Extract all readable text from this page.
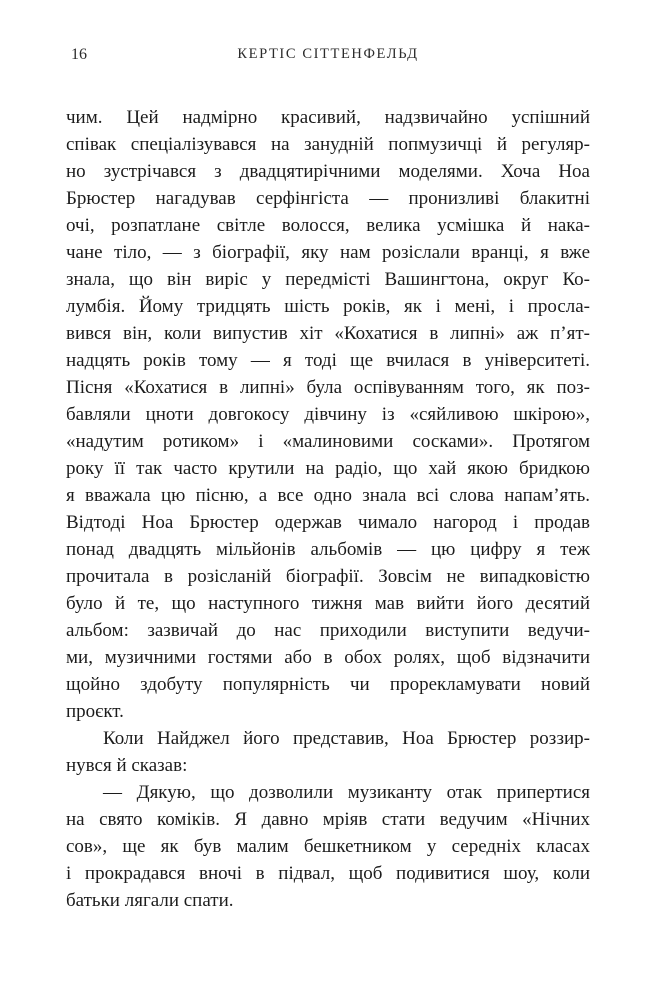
16	КЕРТІС СІТТЕНФЕЛЬД
чим. Цей надмірно красивий, надзвичайно успішний
співак спеціалізувався на занудній попмузичці й регуляр-
но зустрічався з двадцятирічними моделями. Хоча Ноа
Брюстер нагадував серфінгіста — пронизливі блакитні
очі, розпатлане світле волосся, велика усмішка й нака-
чане тіло, — з біографії, яку нам розіслали вранці, я вже
знала, що він виріс у передмісті Вашингтона, округ Ко-
лумбія. Йому тридцять шість років, як і мені, і просла-
вився він, коли випустив хіт «Кохатися в липні» аж п’ят-
надцять років тому — я тоді ще вчилася в університеті.
Пісня «Кохатися в липні» була оспівуванням того, як поз-
бавляли цноти довгокосу дівчину із «сяйливою шкірою»,
«надутим ротиком» і «малиновими сосками». Протягом
року її так часто крутили на радіо, що хай якою бридкою
я вважала цю пісню, а все одно знала всі слова напам’ять.
Відтоді Ноа Брюстер одержав чимало нагород і продав
понад двадцять мільйонів альбомів — цю цифру я теж
прочитала в розісланій біографії. Зовсім не випадковістю
було й те, що наступного тижня мав вийти його десятий
альбом: зазвичай до нас приходили виступити ведучи-
ми, музичними гостями або в обох ролях, щоб відзначити
щойно здобуту популярність чи прорекламувати новий
проєкт.
Коли Найджел його представив, Ноа Брюстер роззир-
нувся й сказав:
— Дякую, що дозволили музиканту отак припертися
на свято коміків. Я давно мріяв стати ведучим «Нічних
сов», ще як був малим бешкетником у середніх класах
і прокрадався вночі в підвал, щоб подивитися шоу, коли
батьки лягали спати.
